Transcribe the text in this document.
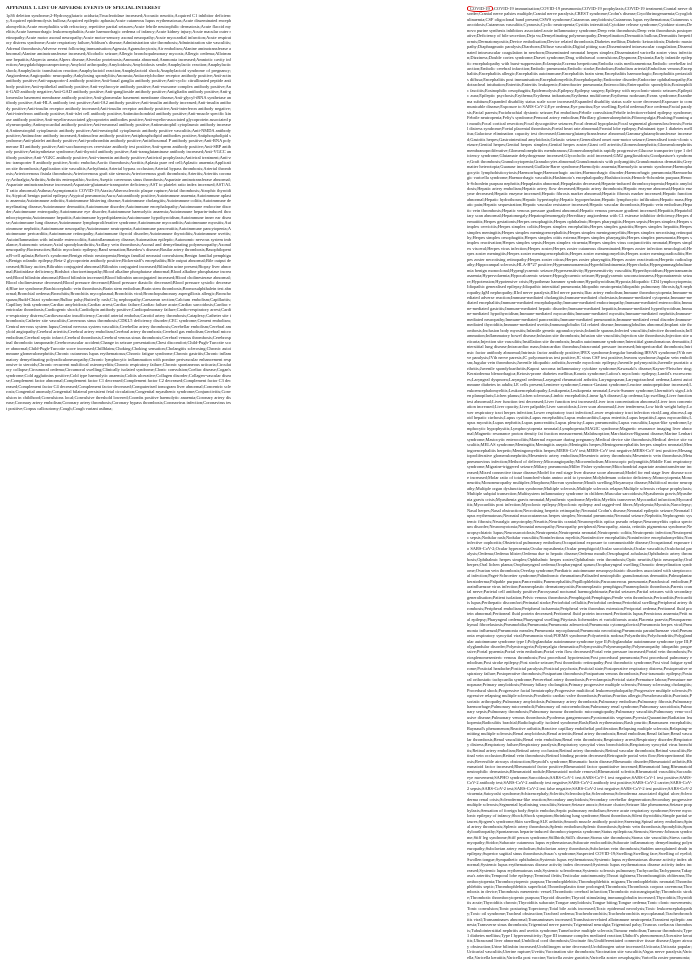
APPENDIX 1. LIST OF ADVERSE EVENTS OF SPECIAL INTEREST
1p36 deletion syndrome;2-Hydroxyglutaric aciduria;5'nucleotidase increased;Acoustic neuritis;Acquired C1 inhibitor deficiency;Acquired epidermolysis bullosa;Acquired epileptic aphasia;Acute cutaneous lupus erythematosus;Acute disseminated encephalomyelitis;Acute encephalitis with refractory, repetitive partial seizures;Acute febrile neutrophilic dermatosis;Acute flaccid myelitis;Acute haemorrhagic leukoencephalitis;Acute haemorrhagic oedema of infancy;Acute kidney injury;Acute macular outer retinopathy;Acute motor axonal neuropathy;Acute motor-sensory axonal neuropathy;Acute myocardial infarction;Acute respiratory distress syndrome;Acute respiratory failure;Addison's disease;Administration site thrombosis;Administration site vasculitis;Adrenal thrombosis;Adverse event following immunisation;Ageusia;Agranulocytosis;Air embolism;Alanine aminotransferase abnormal;Alanine aminotransferase increased;Alcoholic seizure;Allergic bronchopulmonary mycosis;Allergic oedema;Alloimmune hepatitis;Alopecia areata;Alpers disease;Alveolar proteinosis;Ammonia abnormal;Ammonia increased;Amniotic cavity infection;Amygdalohippocampectomy;Amyloid arthropathy;Amyloidosis;Amyloidosis senile;Anaphylactic reaction;Anaphylactic shock;Anaphylactic transfusion reaction;Anaphylactoid reaction;Anaphylactoid shock;Anaphylactoid syndrome of pregnancy;Angioedema;Angiopathic neuropathy;Ankylosing spondylitis;Anosmia;Antiacetylcholine receptor antibody positive;Anti-actin antibody positive;Anti-aquaporin-4 antibody positive;Anti-basal ganglia antibody positive;Anti-cyclic citrullinated peptide antibody positive;Anti-epithelial antibody positive;Anti-erythrocyte antibody positive;Anti-exosome complex antibody positive;Anti-GAD antibody negative;Anti-GAD antibody positive;Anti-ganglioside antibody positive;Antigliadin antibody positive;Anti-glomerular basement membrane antibody positive;Anti-glomerular basement membrane disease;Anti-glycyl-tRNA synthetase antibody positive;Anti-HLA antibody test positive;Anti-IA2 antibody positive;Anti-insulin antibody increased;Anti-insulin antibody positive;Anti-insulin receptor antibody increased;Anti-insulin receptor antibody positive;Anti-interferon antibody negative;Anti-interferon antibody positive;Anti-islet cell antibody positive;Antimitochondrial antibody positive;Anti-muscle specific kinase antibody positive;Anti-myelin-associated glycoprotein antibodies positive;Anti-myelin-associated glycoprotein associated polyneuropathy;Antimyocardial antibody positive;Anti-neuronal antibody positive;Antineutrophil cytoplasmic antibody increased;Antineutrophil cytoplasmic antibody positive;Anti-neutrophil cytoplasmic antibody positive vasculitis;Anti-NMDA antibody positive;Antinuclear antibody increased;Antinuclear antibody positive;Antiphospholipid antibodies positive;Antiphospholipid syndrome;Anti-platelet antibody positive;Anti-prothrombin antibody positive;Antiribosomal P antibody positive;Anti-RNA polymerase III antibody positive;Anti-saccharomyces cerevisiae antibody test positive;Anti-sperm antibody positive;Anti-SRP antibody positive;Antisynthetase syndrome;Anti-thyroid antibody positive;Anti-transglutaminase antibody increased;Anti-VGCC antibody positive;Anti-VGKC antibody positive;Anti-vimentin antibody positive;Antiviral prophylaxis;Antiviral treatment;Anti-zinc transporter 8 antibody positive;Aortic embolus;Aortic thrombosis;Aortitis;Aplasia pure red cell;Aplastic anaemia;Application site thrombosis;Application site vasculitis;Arrhythmia;Arterial bypass occlusion;Arterial bypass thrombosis;Arterial thrombosis;Arteriovenous fistula thrombosis;Arteriovenous graft site stenosis;Arteriovenous graft thrombosis;Arteritis;Arteritis coronary;Arthralgia;Arthritis;Arthritis enteropathic;Ascites;Aseptic cavernous sinus thrombosis;Aspartate aminotransferase abnormal;Aspartate aminotransferase increased;Aspartate-glutamate-transporter deficiency;AST to platelet ratio index increased;AST/ALT ratio abnormal;Asthma;Asymptomatic COVID-19;Ataxia;Atherosclerotic plaque rupture;Atrial thrombosis;Atrophic thyroiditis;Atypical benign partial epilepsy;Atypical pneumonia;Aura;Autoantibody positive;Autoimmune anaemia;Autoimmune aplastic anaemia;Autoimmune arthritis;Autoimmune blistering disease;Autoimmune cholangitis;Autoimmune colitis;Autoimmune demyelinating disease;Autoimmune dermatitis;Autoimmune disorder;Autoimmune encephalopathy;Autoimmune endocrine disorder;Autoimmune enteropathy;Autoimmune eye disorder;Autoimmune haemolytic anaemia;Autoimmune heparin-induced thrombocytopenia;Autoimmune hepatitis;Autoimmune hyperlipidaemia;Autoimmune hypothyroidism;Autoimmune inner ear disease;Autoimmune lung disease;Autoimmune lymphoproliferative syndrome;Autoimmune myocarditis;Autoimmune myositis;Autoimmune nephritis;Autoimmune neuropathy;Autoimmune neutropenia;Autoimmune pancreatitis;Autoimmune pancytopenia;Autoimmune pericarditis;Autoimmune retinopathy;Autoimmune thyroid disorder;Autoimmune thyroiditis;Autoimmune uveitis;Autoinflammation with infantile enterocolitis;Autoinflammatory disease;Automatism epileptic;Autonomic nervous system imbalance;Autonomic seizure;Axial spondyloarthritis;Axillary vein thrombosis;Axonal and demyelinating polyneuropathy;Axonal neuropathy;Bacterascites;Baltic myoclonic epilepsy;Band sensation;Basedow's disease;Basilar artery thrombosis;Basophilopenia;B-cell aplasia;Behcet's syndrome;Benign ethnic neutropenia;Benign familial neonatal convulsions;Benign familial pemphigus;Benign rolandic epilepsy;Beta-2 glycoprotein antibody positive;Bickerstaff's encephalitis;Bile output abnormal;Bile output decreased;Biliary ascites;Bilirubin conjugated abnormal;Bilirubin conjugated increased;Bilirubin urine present;Biopsy liver abnormal;Biotinidase deficiency;Birdshot chorioretinopathy;Blood alkaline phosphatase abnormal;Blood alkaline phosphatase increased;Blood bilirubin abnormal;Blood bilirubin increased;Blood bilirubin unconjugated increased;Blood cholinesterase abnormal;Blood cholinesterase decreased;Blood pressure decreased;Blood pressure diastolic decreased;Blood pressure systolic decreased;Blue toe syndrome;Brachiocephalic vein thrombosis;Brain stem embolism;Brain stem thrombosis;Bromosulphthalein test abnormal;Bronchial oedema;Bronchitis;Bronchitis mycoplasmal;Bronchitis viral;Bronchopulmonary aspergillosis allergic;Bronchospasm;Budd-Chiari syndrome;Bulbar palsy;Butterfly rash;C1q nephropathy;Caesarean section;Calcium embolism;Capillaritis;Capillary leak syndrome;Cardiac amyloidosis;Cardiac arrest;Cardiac failure;Cardiac failure acute;Cardiac sarcoidosis;Cardiac ventricular thrombosis;Cardiogenic shock;Cardiolipin antibody positive;Cardiopulmonary failure;Cardio-respiratory arrest;Cardio-respiratory distress;Cardiovascular insufficiency;Carotid arterial embolus;Carotid artery thrombosis;Cataplexy;Catheter site thrombosis;Catheter site vasculitis;Cavernous sinus thrombosis;CDKL5 deficiency disorder;CEC syndrome;Cement embolism;Central nervous system lupus;Central nervous system vasculitis;Cerebellar artery thrombosis;Cerebellar embolism;Cerebral amyloid angiopathy;Cerebral arteritis;Cerebral artery embolism;Cerebral artery thrombosis;Cerebral gas embolism;Cerebral microembolism;Cerebral septic infarct;Cerebral thrombosis;Cerebral venous sinus thrombosis;Cerebral venous thrombosis;Cerebrospinal thrombotic tamponade;Cerebrovascular accident;Change in seizure presentation;Chest discomfort;Child-Pugh-Turcotte score abnormal;Child-Pugh-Turcotte score increased;Chillblains;Choking;Choking sensation;Cholangitis sclerosing;Chronic autoimmune glomerulonephritis;Chronic cutaneous lupus erythematosus;Chronic fatigue syndrome;Chronic gastritis;Chronic inflammatory demyelinating polyradiculoneuropathy;Chronic lymphocytic inflammation with pontine perivascular enhancement responsive to steroids;Chronic recurrent multifocal osteomyelitis;Chronic respiratory failure;Chronic spontaneous urticaria;Circulatory collapse;Circumoral oedema;Circumoral swelling;Clinically isolated syndrome;Clonic convulsion;Coeliac disease;Cogan's syndrome;Cold agglutinins positive;Cold type haemolytic anaemia;Colitis ulcerative;Collagen disorder;Collagen-vascular disease;Complement factor abnormal;Complement factor C1 decreased;Complement factor C2 decreased;Complement factor C3 decreased;Complement factor C4 decreased;Complement factor decreased;Computerised tomogram liver abnormal;Concentric sclerosis;Congenital anomaly;Congenital bilateral persistent fetal circulation;Congenital myasthenic syndrome;Conjunctivitis;Convulsion in childhood;Convulsions local;Convulsive threshold lowered;Coombs positive haemolytic anaemia;Coronary artery disease;Coronary artery embolism;Coronary artery thrombosis;Coronary bypass thrombosis;Coronavirus infection;Coronavirus test positive;Corpus callosotomy;Cough;Cough variant asthma;
COVID-19 ;COVID-19 immunisation;COVID-19 pneumonia;COVID-19 prophylaxis;COVID-19 treatment;Cranial nerve disorder;Cranial nerve palsies multiple;Cranial nerve paralysis;CREST syndrome;Crohn's disease;Cryofibrinogenaemia;Cryoglobulinaemia;CSF oligoclonal band present;CSWS syndrome;Cutaneous amyloidosis;Cutaneous lupus erythematosus;Cutaneous sarcoidosis;Cutaneous vasculitis;Cyanosis;Cyclic neutropenia;Cystitis interstitial;Cytokine release syndrome;Cytokine storm;De novo purine synthesis inhibitors associated acute inflammatory syndrome;Deep vein thrombosis;Deep vein thrombosis postoperative;Deficiency of bile secretion;Deja vu;Demyelinating polyneuropathy;Demyelination;Dermatitis bullous;Dermatitis herpetiformis;Dermatomyositis;Device embolisation;Device related thrombosis;Diabetes mellitus;Diabetic ketoacidosis;Diabetic mastopathy;Diaphragmatic paralysis;Diarrhoea;Diffuse vasculitis;Digital pitting scar;Disseminated intravascular coagulation;Disseminated intravascular coagulation in newborn;Disseminated neonatal herpes simplex;Disseminated varicella zoster virus infection;Dizziness;Double cortex syndrome;Dravet syndrome;Drug withdrawal convulsions;Dyspnoea;Dystonia;Early infantile epileptic encephalopathy with burst-suppression;Eclampsia;Eczema herpeticum;Embolia cutis medicamentosa;Embolic cerebellar infarction;Embolic cerebral infarction;Embolic pneumonia;Embolic stroke;Embolism;Embolism arterial;Embolism venous;Encephalitis;Encephalitis allergic;Encephalitis autoimmune;Encephalitis brain stem;Encephalitis haemorrhagic;Encephalitis periaxialis diffusa;Encephalitis post immunisation;Encephalomyelitis;Encephalopathy;Endocrine disorder;Endocrine ophthalmopathy;Endotracheal intubation;Enteritis;Enteritis leukopenic;Enterobacter pneumonia;Enterocolitis;Enteropathic spondylitis;Eosinophilic fasciitis;Eosinophilic oesophagitis;Epidermolysis;Epilepsy;Epilepsy surgery;Epilepsy with myoclonic-atonic seizures;Epileptic aura;Epileptic psychosis;Erythema;Erythema induratum;Erythema multiforme;Erythema nodosum;Evans syndrome;Exanthema subitum;Expanded disability status scale score increased;Expanded disability status scale score decreased;Exposure to communicable disease;Exposure to SARS-CoV-2;Eye oedema;Eye pruritus;Eye swelling;Eyelid oedema;Face oedema;Facial paralysis;Facial paresis;Faciobrachial dystonic seizure;Fat embolism;Febrile convulsion;Febrile infection-related epilepsy syndrome;Febrile neutropenia;Felty's syndrome;Femoral artery embolism;Fibrillary glomerulonephritis;Fibromyalgia;Flushing;Foaming at mouth;Focal cortical resection;Focal dyscognitive seizures;Focal dermal hypoplasia;Focal segmental glomerulosclerosis;Foetal distress syndrome;Foetal placental thrombosis;Foetal heart rate abnormal;Frontal lobe epilepsy;Fulminant type 1 diabetes mellitus;Galactose elimination capacity test decreased;Gamma-glutamyltransferase abnormal;Gamma-glutamyltransferase increased;Gastritis herpes;Gastrointestinal amyloidosis;Gelastic seizure;Generalised onset non-motor seizure;Generalised tonic-clonic seizure;Genital herpes;Genital herpes simplex;Genital herpes zoster;Giant cell arteritis;Glomerulonephritis;Glomerulonephritis membranoproliferative;Glomerulonephritis membranous;Glomerulonephritis rapidly progressive;Glucose transporter type 1 deficiency syndrome;Glutamate dehydrogenase increased;Glycocholic acid increased;GM2 gangliosidosis;Goodpasture's syndrome;Graft thrombosis;Granulocytopenia;Granulocytes abnormal;Granulomatosis with polyangiitis;Granulomatous dermatitis;Grey matter heterotopia;Guanase increased;Guillain-Barre syndrome;Haemolytic anaemia;Haemolytic uraemic syndrome;Haemophagocytic lymphohistiocytosis;Haemorrhage;Haemorrhagic ascites;Haemorrhagic disorder;Haemorrhagic pneumonia;Haemorrhagic varicella syndrome;Haemorrhagic vasculitis;Hashimoto's encephalopathy;Hashitoxicosis;Henoch-Schonlein purpura;Henoch-Schonlein purpura nephritis;Hepaplastin abnormal;Hepaplastin decreased;Heparin-induced thrombocytopenia;Hepatic amyloidosis;Hepatic artery embolism;Hepatic artery flow decreased;Hepatic artery thrombosis;Hepatic enzyme abnormal;Hepatic enzyme decreased;Hepatic enzyme increased;Hepatic fibrosis marker abnormal;Hepatic fibrosis marker increased;Hepatic function abnormal;Hepatic hydrothorax;Hepatic hypertrophy;Hepatic hypoperfusion;Hepatic lymphocytic infiltration;Hepatic mass;Hepatic pain;Hepatic sequestration;Hepatic vascular resistance increased;Hepatic vascular thrombosis;Hepatic vein embolism;Hepatic vein thrombosis;Hepatic venous pressure gradient abnormal;Hepatic venous pressure gradient increased;Hepatitis;Hepatobiliary scan abnormal;Hepatomegaly;Hepatosplenomegaly;Hereditary angioedema with C1 esterase inhibitor deficiency;Herpes dermatitis;Herpes gestationis;Herpes oesophagitis;Herpes ophthalmic;Herpes pharyngitis;Herpes sepsis;Herpes simplex;Herpes simplex cervicitis;Herpes simplex colitis;Herpes simplex encephalitis;Herpes simplex gastritis;Herpes simplex hepatitis;Herpes simplex meningitis;Herpes simplex meningoencephalitis;Herpes simplex meningomyelitis;Herpes simplex necrotising retinopathy;Herpes simplex oesophagitis;Herpes simplex otitis externa;Herpes simplex pharyngitis;Herpes simplex pneumonia;Herpes simplex reactivation;Herpes simplex sepsis;Herpes simplex viraemia;Herpes simplex virus conjunctivitis neonatal;Herpes simplex visceral;Herpes virus infection;Herpes zoster;Herpes zoster cutaneous disseminated;Herpes zoster infection neurological;Herpes zoster meningitis;Herpes zoster meningoencephalitis;Herpes zoster meningomyelitis;Herpes zoster meningoradiculitis;Herpes zoster necrotising retinopathy;Herpes zoster oticus;Herpes zoster pharyngitis;Herpes zoster reactivation;Herpetic radiculopathy;Hippocampal sclerosis;HLA-B*27 positive;Hyperammonaemia;Hyperbilirubinaemia;Hypercholia;Hypergammaglobulinaemia benign monoclonal;Hyperglycaemic seizure;Hypersensitivity;Hypersensitivity vasculitis;Hyperthyroidism;Hypertransaminasaemia;Hypervolaemia;Hypocalcaemic seizure;Hypoglycaemic seizure;Hypoglycaemic unconsciousness;Hyponatraemic seizure;Hypotension;Hypotensive crisis;Hypothenar hammer syndrome;Hypothyroidism;Hypoxia;Idiopathic CD4 lymphocytopenia;Idiopathic generalised epilepsy;Idiopathic interstitial pneumonia;Idiopathic neutropenia;Idiopathic pulmonary fibrosis;IgA nephropathy;IgM nephropathy;IIIrd nerve paralysis;IIIrd nerve paresis;Iliac artery embolism;Immune thrombocytopenia;Immune-mediated adverse reaction;Immune-mediated cholangitis;Immune-mediated cholestasis;Immune-mediated cytopenia;Immune-mediated encephalitis;Immune-mediated encephalopathy;Immune-mediated endocrinopathy;Immune-mediated enterocolitis;Immune-mediated gastritis;Immune-mediated hepatic disorder;Immune-mediated hepatitis;Immune-mediated hyperthyroidism;Immune-mediated hypothyroidism;Immune-mediated myocarditis;Immune-mediated myositis;Immune-mediated nephritis;Immune-mediated neuropathy;Immune-mediated pancreatitis;Immune-mediated pneumonitis;Immune-mediated renal disorder;Immune-mediated thyroiditis;Immune-mediated uveitis;Immunoglobulin G4 related disease;Immunoglobulins abnormal;Implant site thrombosis;Inclusion body myositis;Infantile genetic agranulocytosis;Infantile spasms;Infected vasculitis;Infective thrombosis;Inflammation;Inflammatory bowel disease;Infusion site thrombosis;Infusion site vasculitis;Injection site thrombosis;Injection site urticaria;Injection site vasculitis;Instillation site thrombosis;Insulin autoimmune syndrome;Interstitial granulomatous dermatitis;Interstitial lung disease;Intracardiac mass;Intracardiac thrombus;Intracranial pressure increased;Intrapericardial thrombosis;Intrinsic factor antibody abnormal;Intrinsic factor antibody positive;IPEX syndrome;Irregular breathing;IRVAN syndrome;IVth nerve paralysis;IVth nerve paresis;JC polyomavirus test positive;JC virus CSF test positive;Jeavons syndrome;Jugular vein embolism;Jugular vein thrombosis;Juvenile idiopathic arthritis;Juvenile myoclonic epilepsy;Juvenile polymyositis;Juvenile psoriatic arthritis;Juvenile spondyloarthritis;Kaposi sarcoma inflammatory cytokine syndrome;Kawasaki's disease;Kayser-Fleischer ring;Keratoderma blenorrhagica;Ketosis-prone diabetes mellitus;Kounis syndrome;Lafora's myoclonic epilepsy;Lambl's excrescences;Laryngeal dyspnoea;Laryngeal oedema;Laryngeal rheumatoid arthritis;Laryngospasm;Laryngotracheal oedema;Latent autoimmune diabetes in adults;LE cells present;Lemierre syndrome;Lennox-Gastaut syndrome;Leucine aminopeptidase increased;Leukoencephalomyelitis;Leukoencephalopathy;Leukopenia;Leukopenia neonatal;Lewis-Sumner syndrome;Lhermitte's sign;Lichen planopilaris;Lichen planus;Lichen sclerosus;Limbic encephalitis;Linear IgA disease;Lip oedema;Lip swelling;Liver function test abnormal;Liver function test decreased;Liver function test increased;Liver iron concentration abnormal;Liver iron concentration increased;Liver opacity;Liver palpable;Liver sarcoidosis;Liver scan abnormal;Liver tenderness;Low birth weight baby;Lower respiratory tract herpes infection;Lower respiratory tract infection;Lower respiratory tract infection viral;Lung abscess;Lupoid hepatic cirrhosis;Lupus cystitis;Lupus encephalitis;Lupus endocarditis;Lupus enteritis;Lupus hepatitis;Lupus myocarditis;Lupus myositis;Lupus nephritis;Lupus pancreatitis;Lupus pleurisy;Lupus pneumonitis;Lupus vasculitis;Lupus-like syndrome;Lymphocytic hypophysitis;Lymphocytopenia neonatal;Lymphopenia;MAGIC syndrome;Magnetic resonance imaging liver abnormal;Magnetic resonance proton density fat fraction measurement;Malabsorption;Marchiafava-Bignami disease;Marine Lenhart syndrome;Mastocytic enterocolitis;Maternal exposure during pregnancy;Medical device site thrombosis;Medical device site vasculitis;MELAS syndrome;Meningitis;Meningitis aseptic;Meningitis herpes;Meningoencephalitis herpes simplex neonatal;Meningoencephalitis herpetic;Meningomyelitis herpes;MERS-CoV test;MERS-CoV test negative;MERS-CoV test positive;Mesangioproliferative glomerulonephritis;Mesenteric artery embolism;Mesenteric artery thrombosis;Mesenteric vein thrombosis;Metapneumovirus infection;Method of delivery;Microangiopathy;Microembolism;Microscopic polyangiitis;Middle East respiratory syndrome;Migraine-triggered seizure;Miliary pneumonia;Miller Fisher syndrome;Mitochondrial aspartate aminotransferase increased;Mixed connective tissue disease;Model for end stage liver disease score abnormal;Model for end stage liver disease score increased;Molar ratio of total branched-chain amino acid to tyrosine;Molybdenum cofactor deficiency;Monocytopenia;Mononeuritis;Mononeuropathy multiplex;Morphoea;Morvan syndrome;Mouth swelling;Moyamoya disease;Multifocal motor neuropathy;Multiple organ dysfunction syndrome;Multiple sclerosis;Multiple sclerosis relapse;Multiple sclerosis relapse prophylaxis;Multiple subpial transection;Multisystem inflammatory syndrome in children;Muscular sarcoidosis;Myasthenia gravis;Myasthenia gravis crisis;Myasthenia gravis neonatal;Myasthenic syndrome;Myelitis;Myelitis transverse;Myocardial infarction;Myocarditis;Myocarditis post infection;Myoclonic epilepsy;Myoclonic epilepsy and ragged-red fibres;Myokymia;Myositis;Narcolepsy;Nasal herpes;Nasal obstruction;Necrotising herpetic retinopathy;Neonatal Crohn's disease;Neonatal epileptic seizure;Neonatal lupus erythematosus;Neonatal mucocutaneous herpes simplex;Neonatal pneumonia;Neonatal seizure;Nephritis;Nephrogenic systemic fibrosis;Neuralgic amyotrophy;Neuritis;Neuritis cranial;Neuromyelitis optica pseudo relapse;Neuromyelitis optica spectrum disorder;Neuromyotonia;Neonatal neuropathy;Neuropathy peripheral;Neuropathy, ataxia, retinitis pigmentosa syndrome;Neuropsychiatric lupus;Neurosarcoidosis;Neutropenia;Neutropenia neonatal;Neutropenic colitis;Neutropenic infection;Neutropenic sepsis;Nodular rash;Nodular vasculitis;Noninfectious myelitis;Noninfective encephalitis;Noninfective encephalomyelitis;Noninfective oophoritis;Obstetrical pulmonary embolism;Occupational exposure to communicable disease;Occupational exposure to SARS-CoV-2;Ocular hyperaemia;Ocular myasthenia;Ocular pemphigoid;Ocular sarcoidosis;Ocular vasculitis;Oculofacial paralysis;Oedema;Oedema blister;Oedema due to hepatic disease;Oedema mouth;Oesophageal achalasia;Ophthalmic artery thrombosis;Ophthalmic herpes simplex;Ophthalmic herpes zoster;Ophthalmic vein thrombosis;Optic neuritis;Optic neuropathy;Oral herpes;Oral lichen planus;Oropharyngeal oedema;Oropharyngeal spasm;Oropharyngeal swelling;Osmotic demyelination syndrome;Ovarian vein thrombosis;Overlap syndrome;Paediatric autoimmune neuropsychiatric disorders associated with streptococcal infection;Paget-Schroetter syndrome;Palindromic rheumatism;Palisaded neutrophilic granulomatous dermatitis;Palmoplantar keratoderma;Palpable purpura;Pancreatitis;Panencephalitis;Papillophlebitis;Paracancerous pneumonia;Paradoxical embolism;Parainfluenzae virus infection;Paraneoplastic dermatomyositis;Paraneoplastic pemphigus;Paraneoplastic thrombosis;Paresis cranial nerve;Parietal cell antibody positive;Paroxysmal nocturnal haemoglobinuria;Partial seizures;Partial seizures with secondary generalisation;Patient isolation;Pelvic venous thrombosis;Pemphigoid;Pemphigus;Penile vein thrombosis;Pericarditis;Pericarditis lupus;Perihepatic discomfort;Perinatal stroke;Periorbital cellulitis;Periorbital oedema;Periorbital swelling;Peripheral artery thrombosis;Peripheral embolism;Peripheral ischaemia;Peripheral vein thrombus extension;Periportal oedema;Peritoneal fluid protein abnormal;Peritoneal fluid protein decreased;Peritoneal fluid protein increased;Peritonitis lupus;Pernicious anaemia;Petit mal epilepsy;Pharyngeal oedema;Pharyngeal swelling;Pityriasis lichenoides et varioliformis acuta;Placenta praevia;Pleuroparenchymal fibroelastosis;Pneumobilia;Pneumonia;Pneumonia adenoviral;Pneumonia cytomegaloviral;Pneumonia herpes viral;Pneumonia influenzal;Pneumonia measles;Pneumonia mycoplasmal;Pneumonia necrotising;Pneumonia parainfluenzae viral;Pneumonia respiratory syncytial viral;Pneumonia viral;POEMS syndrome;Polyarteritis nodosa;Polyarthritis;Polychondritis;Polyglandular autoimmune syndrome type I;Polyglandular autoimmune syndrome type II;Polyglandular autoimmune syndrome type III;Polyglandular disorder;Polymicrogyria;Polymyalgia rheumatica;Polymyositis;Polyneuropathy;Polyneuropathy idiopathic progressive;Portal pyaemia;Portal vein embolism;Portal vein flow decreased;Portal vein pressure increased;Portal vein thrombosis;Portosplenomesenteric venous thrombosis;Post procedural hypotension;Post procedural pneumonia;Post procedural pulmonary embolism;Post stroke epilepsy;Post stroke seizure;Post thrombotic retinopathy;Post thrombotic syndrome;Post viral fatigue syndrome;Postictal headache;Postictal paralysis;Postictal psychosis;Postictal state;Postoperative respiratory distress;Postoperative respiratory failure;Postoperative thrombosis;Postpartum thrombosis;Postpartum venous thrombosis;Post-traumatic epilepsy;Postural orthostatic tachycardia syndrome;Precerebral artery thrombosis;Pre-eclampsia;Preictal state;Premature labour;Premature menopause;Primary amyloidosis;Primary biliary cholangitis;Primary progressive multiple sclerosis;Primary sclerosing cholangitis;Procedural shock;Progressive facial hemiatrophy;Progressive multifocal leukoencephalopathy;Progressive multiple sclerosis;Progressive relapsing multiple sclerosis;Prosthetic cardiac valve thrombosis;Pruritus;Pruritus allergic;Pseudovasculitis;Psoriasis;Psoriatic arthropathy;Pulmonary amyloidosis;Pulmonary artery thrombosis;Pulmonary embolism;Pulmonary fibrosis;Pulmonary haemorrhage;Pulmonary microemboli;Pulmonary oil microembolism;Pulmonary renal syndrome;Pulmonary sarcoidosis;Pulmonary sepsis;Pulmonary thrombosis;Pulmonary tumour thrombotic microangiopathy;Pulmonary vasculitis;Pulmonary veno-occlusive disease;Pulmonary venous thrombosis;Pyoderma gangrenosum;Pyostomatitis vegetans;Pyrexia;Quarantine;Radiation leukopenia;Radiculitis brachial;Radiologically isolated syndrome;Rash;Rash erythematous;Rash pruritic;Rasmussen encephalitis;Raynaud's phenomenon;Reactive arthritis;Reactive capillary endothelial proliferation;Relapsing multiple sclerosis;Relapsing-remitting multiple sclerosis;Renal amyloidosis;Renal arteritis;Renal artery thrombosis;Renal embolism;Renal failure;Renal vascular thrombosis;Renal vasculitis;Renal vein embolism;Renal vein thrombosis;Respiratory arrest;Respiratory disorder;Respiratory distress;Respiratory failure;Respiratory paralysis;Respiratory syncytial virus bronchiolitis;Respiratory syncytial virus bronchitis;Retinal artery embolism;Retinal artery occlusion;Retinal artery thrombosis;Retinal vascular thrombosis;Retinal vasculitis;Retinal vein occlusion;Retinal vein thrombosis;Retinol binding protein decreased;Retrograde portal vein flow;Retroperitoneal fibrosis;Reversible airways obstruction;Reynold's syndrome;Rheumatic brain disease;Rheumatic disorder;Rheumatoid arthritis;Rheumatoid factor increased;Rheumatoid factor positive;Rheumatoid factor quantitative increased;Rheumatoid lung;Rheumatoid neutrophilic dermatosis;Rheumatoid nodule;Rheumatoid nodule removal;Rheumatoid scleritis;Rheumatoid vasculitis;Saccadic eye movement;SAPHO syndrome;Sarcoidosis;SARS-CoV-1 test;SARS-CoV-1 test negative;SARS-CoV-1 test positive;SARS-CoV-2 antibody test;SARS-CoV-2 antibody test negative;SARS-CoV-2 antibody test positive;SARS-CoV-2 carrier;SARS-CoV-2 sepsis;SARS-CoV-2 test;SARS-CoV-2 test false negative;SARS-CoV-2 test negative;SARS-CoV-2 test positive;SARS-CoV-2 viraemia;Satoyoshi syndrome;Schizencephaly;Scleritis;Sclerodactylia;Scleroderma;Scleroderma associated digital ulcer;Scleroderma renal crisis;Scleroderma-like reaction;Secondary amyloidosis;Secondary cerebellar degeneration;Secondary progressive multiple sclerosis;Segmental hyalinising vasculitis;Seizure;Seizure anoxic;Seizure cluster;Seizure like phenomena;Seizure prophylaxis;Sensation of foreign body;Septic embolus;Septic pulmonary embolism;Severe acute respiratory syndrome;Severe myoclonic epilepsy of infancy;Shock;Shock symptom;Shrinking lung syndrome;Shunt thrombosis;Silent thyroiditis;Simple partial seizures;Sjogren's syndrome;Skin swelling;SLE arthritis;Smooth muscle antibody positive;Sneezing;Spinal artery embolism;Spinal artery thrombosis;Splenic artery thrombosis;Splenic embolism;Splenic thrombosis;Splenic vein thrombosis;Spondylitis;Spondyloarthropathy;Spontaneous heparin-induced thrombocytopenia syndrome;Status epilepticus;Stenosis;Stevens-Johnson syndrome;Stiff leg syndrome;Stiff person syndrome;Stillbirth;Still's disease;Stoma site thrombosis;Stoma site vasculitis;Stress cardiomyopathy;Stridor;Subacute cutaneous lupus erythematosus;Subacute endocarditis;Subacute inflammatory demyelinating polyneuropathy;Subclavian artery embolism;Subclavian artery thrombosis;Subclavian vein thrombosis;Sudden unexplained death in epilepsy;Superior sagittal sinus thrombosis;Susac's syndrome;Suspected COVID-19;Swelling;Swelling face;Swelling of eyelid;Swollen tongue;Sympathetic ophthalmia;Systemic lupus erythematosus;Systemic lupus erythematosus disease activity index abnormal;Systemic lupus erythematosus disease activity index decreased;Systemic lupus erythematosus disease activity index increased;Systemic lupus erythematosus rash;Systemic scleroderma;Systemic sclerosis pulmonary;Tachycardia;Tachypnoea;Takayasu's arteritis;Temporal lobe epilepsy;Terminal ileitis;Testicular autoimmunity;Throat tightness;Thromboangiitis obliterans;Thrombocytopenia;Thrombocytopenic purpura;Thrombophlebitis;Thrombophlebitis migrans;Thrombophlebitis neonatal;Thrombophlebitis septic;Thrombophlebitis superficial;Thromboplastin time prolonged;Thrombosis;Thrombosis corpora cavernosa;Thrombosis in device;Thrombosis mesenteric vessel;Thrombotic cerebral infarction;Thrombotic microangiopathy;Thrombotic stroke;Thrombotic thrombocytopenic purpura;Thyroid disorder;Thyroid stimulating immunoglobulin increased;Thyroiditis;Thyroiditis acute;Thyroiditis chronic;Thyroiditis subacute;Tongue amyloidosis;Tongue biting;Tongue oedema;Tonic clonic movements;Tonic convulsion;Tonic posturing;Topectomy;Total bile acids increased;Toxic epidermal necrolysis;Toxic leukoencephalopathy;Toxic oil syndrome;Tracheal obstruction;Tracheal oedema;Tracheobronchitis;Tracheobronchitis mycoplasmal;Tracheobronchitis viral;Transaminases abnormal;Transaminases increased;Transfusion-related alloimmune neutropenia;Transient epileptic amnesia;Transverse sinus thrombosis;Trigeminal nerve paresis;Trigeminal neuralgia;Trigeminal palsy;Truncus coeliacus thrombosis;Tubulointerstitial nephritis and uveitis syndrome;Tumefactive multiple sclerosis;Tumour embolism;Tumour thrombosis;Type 1 diabetes mellitus;Type I hypersensitivity;Type III immune complex mediated reaction;Uhthoff's phenomenon;Ulcerative keratitis;Ultrasound liver abnormal;Umbilical cord thrombosis;Uncinate fits;Undifferentiated connective tissue disease;Upper airway obstruction;Urine bilirubin increased;Urobilinogen urine decreased;Urobilinogen urine increased;Urticaria;Urticaria papular;Urticarial vasculitis;Uterine rupture;Uveitis;Vaccination site thrombosis;Vaccination site vasculitis;Vagus nerve paralysis;Varicella;Varicella keratitis;Varicella post vaccine;Varicella zoster gastritis;Varicella zoster oesophagitis;Varicella zoster pneumonia;
